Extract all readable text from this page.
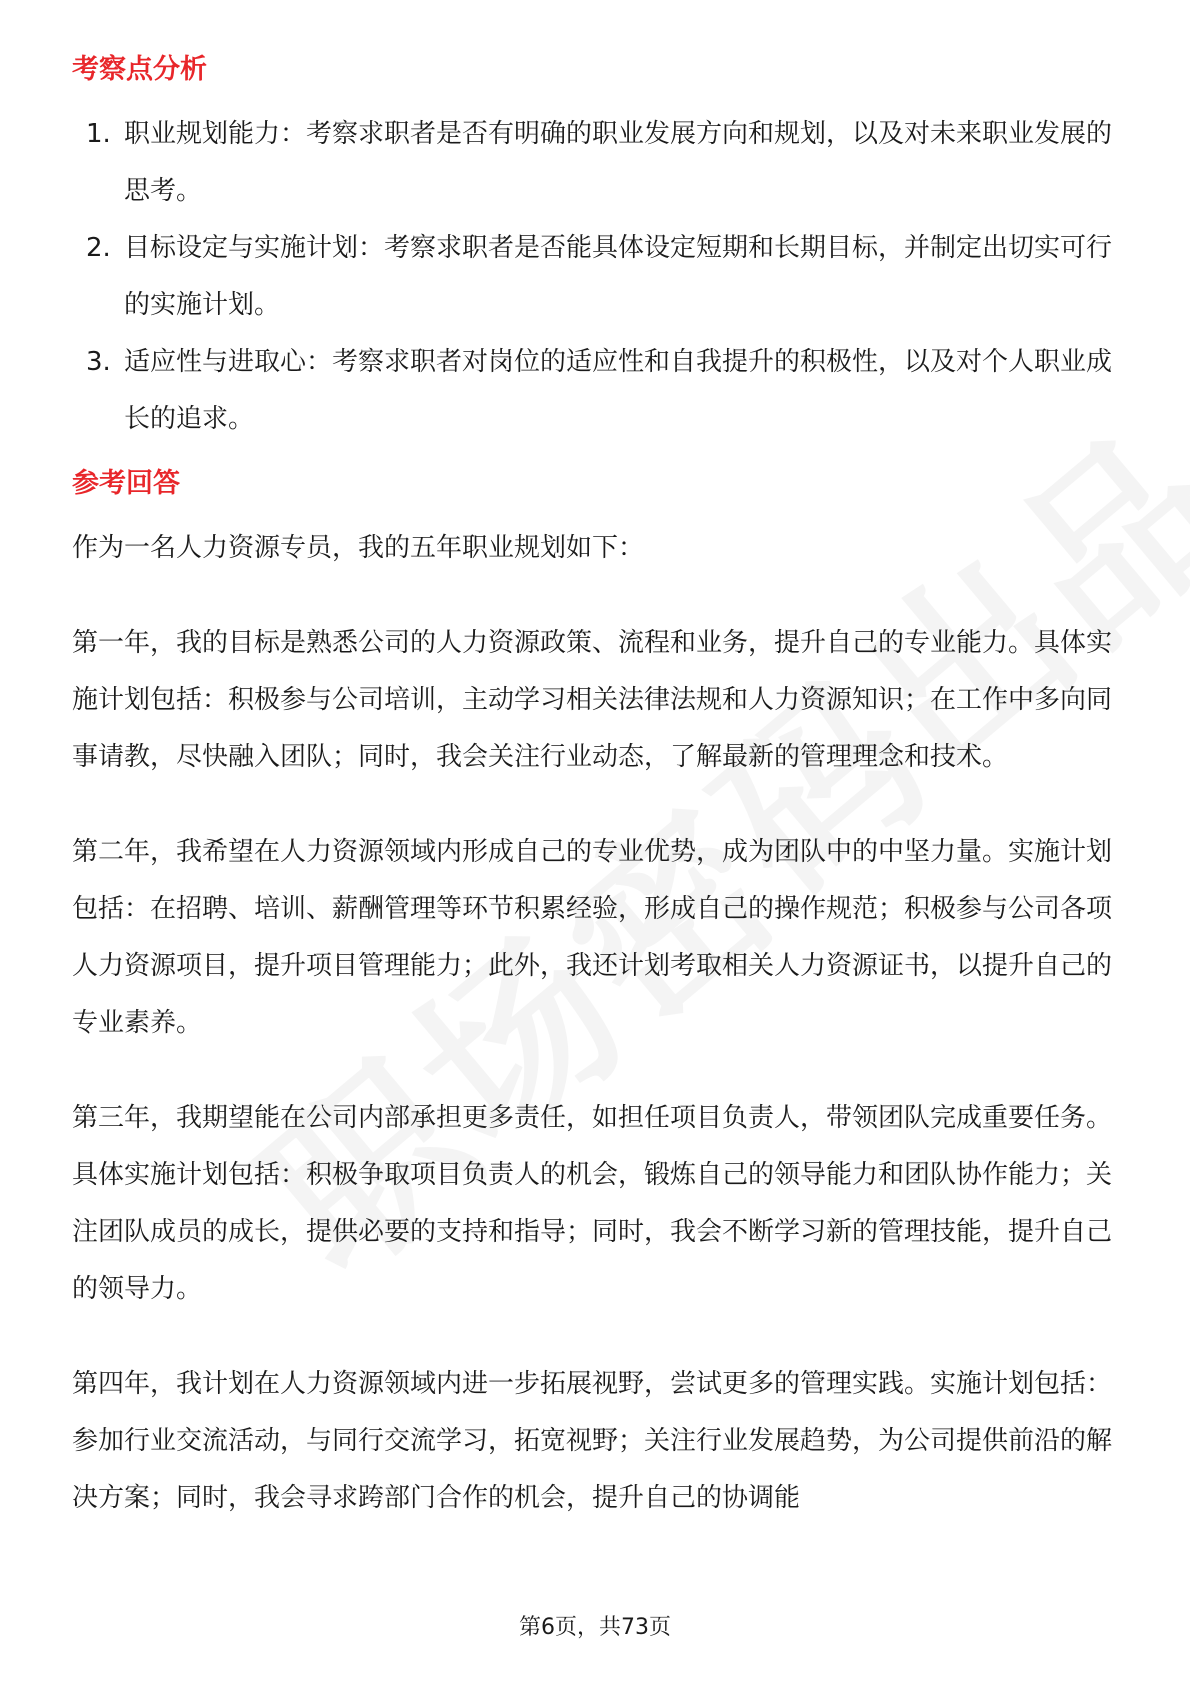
考察点分析
1. 职业规划能力：考察求职者是否有明确的职业发展方向和规划，以及对未来职业发展的思考。
2. 目标设定与实施计划：考察求职者是否能具体设定短期和长期目标，并制定出切实可行的实施计划。
3. 适应性与进取心：考察求职者对岗位的适应性和自我提升的积极性，以及对个人职业成长的追求。
参考回答

作为一名人力资源专员，我的五年职业规划如下：

第一年，我的目标是熟悉公司的人力资源政策、流程和业务，提升自己的专业能力。具体实施计划包括：积极参与公司培训，主动学习相关法律法规和人力资源知识；在工作中多向同事请教，尽快融入团队；同时，我会关注行业动态，了解最新的管理理念和技术。

第二年，我希望在人力资源领域内形成自己的专业优势，成为团队中的中坚力量。实施计划包括：在招聘、培训、薪酬管理等环节积累经验，形成自己的操作规范；积极参与公司各项人力资源项目，提升项目管理能力；此外，我还计划考取相关人力资源证书，以提升自己的专业素养。

第三年，我期望能在公司内部承担更多责任，如担任项目负责人，带领团队完成重要任务。具体实施计划包括：积极争取项目负责人的机会，锻炼自己的领导能力和团队协作能力；关注团队成员的成长，提供必要的支持和指导；同时，我会不断学习新的管理技能，提升自己的领导力。

第四年，我计划在人力资源领域内进一步拓展视野，尝试更多的管理实践。实施计划包括：参加行业交流活动，与同行交流学习，拓宽视野；关注行业发展趋势，为公司提供前沿的解决方案；同时，我会寻求跨部门合作的机会，提升自己的协调能

第6页，共73页
